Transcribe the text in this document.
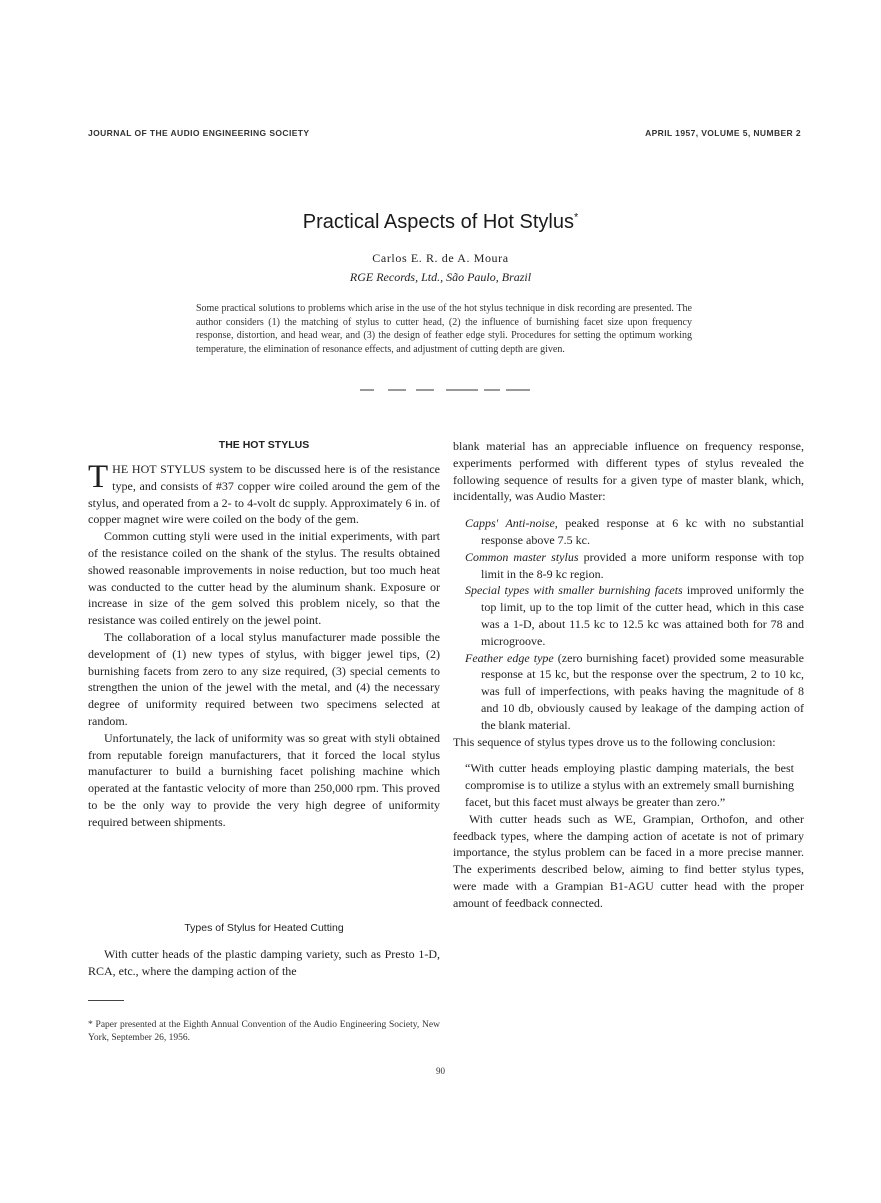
JOURNAL OF THE AUDIO ENGINEERING SOCIETY	APRIL 1957, VOLUME 5, NUMBER 2
Practical Aspects of Hot Stylus*
Carlos E. R. de A. Moura
RGE Records, Ltd., São Paulo, Brazil
Some practical solutions to problems which arise in the use of the hot stylus technique in disk recording are presented. The author considers (1) the matching of stylus to cutter head, (2) the influence of burnishing facet size upon frequency response, distortion, and head wear, and (3) the design of feather edge styli. Procedures for setting the optimum working temperature, the elimination of resonance effects, and adjustment of cutting depth are given.
THE HOT STYLUS

THE HOT STYLUS system to be discussed here is of the resistance type, and consists of #37 copper wire coiled around the gem of the stylus, and operated from a 2- to 4-volt dc supply. Approximately 6 in. of copper magnet wire were coiled on the body of the gem.

Common cutting styli were used in the initial experiments, with part of the resistance coiled on the shank of the stylus. The results obtained showed reasonable improvements in noise reduction, but too much heat was conducted to the cutter head by the aluminum shank. Exposure or increase in size of the gem solved this problem nicely, so that the resistance was coiled entirely on the jewel point.

The collaboration of a local stylus manufacturer made possible the development of (1) new types of stylus, with bigger jewel tips, (2) burnishing facets from zero to any size required, (3) special cements to strengthen the union of the jewel with the metal, and (4) the necessary degree of uniformity required between two specimens selected at random.

Unfortunately, the lack of uniformity was so great with styli obtained from reputable foreign manufacturers, that it forced the local stylus manufacturer to build a burnishing facet polishing machine which operated at the fantastic velocity of more than 250,000 rpm. This proved to be the only way to provide the very high degree of uniformity required between shipments.

Types of Stylus for Heated Cutting

With cutter heads of the plastic damping variety, such as Presto 1-D, RCA, etc., where the damping action of the

* Paper presented at the Eighth Annual Convention of the Audio Engineering Society, New York, September 26, 1956.

blank material has an appreciable influence on frequency response, experiments performed with different types of stylus revealed the following sequence of results for a given type of master blank, which, incidentally, was Audio Master:

Capps' Anti-noise, peaked response at 6 kc with no substantial response above 7.5 kc.

Common master stylus provided a more uniform response with top limit in the 8-9 kc region.

Special types with smaller burnishing facets improved uniformly the top limit, up to the top limit of the cutter head, which in this case was a 1-D, about 11.5 kc to 12.5 kc was attained both for 78 and microgroove.

Feather edge type (zero burnishing facet) provided some measurable response at 15 kc, but the response over the spectrum, 2 to 10 kc, was full of imperfections, with peaks having the magnitude of 8 and 10 db, obviously caused by leakage of the damping action of the blank material.

This sequence of stylus types drove us to the following conclusion:

“With cutter heads employing plastic damping materials, the best compromise is to utilize a stylus with an extremely small burnishing facet, but this facet must always be greater than zero.”

With cutter heads such as WE, Grampian, Orthofon, and other feedback types, where the damping action of acetate is not of primary importance, the stylus problem can be faced in a more precise manner. The experiments described below, aiming to find better stylus types, were made with a Grampian B1-AGU cutter head with the proper amount of feedback connected.

90
